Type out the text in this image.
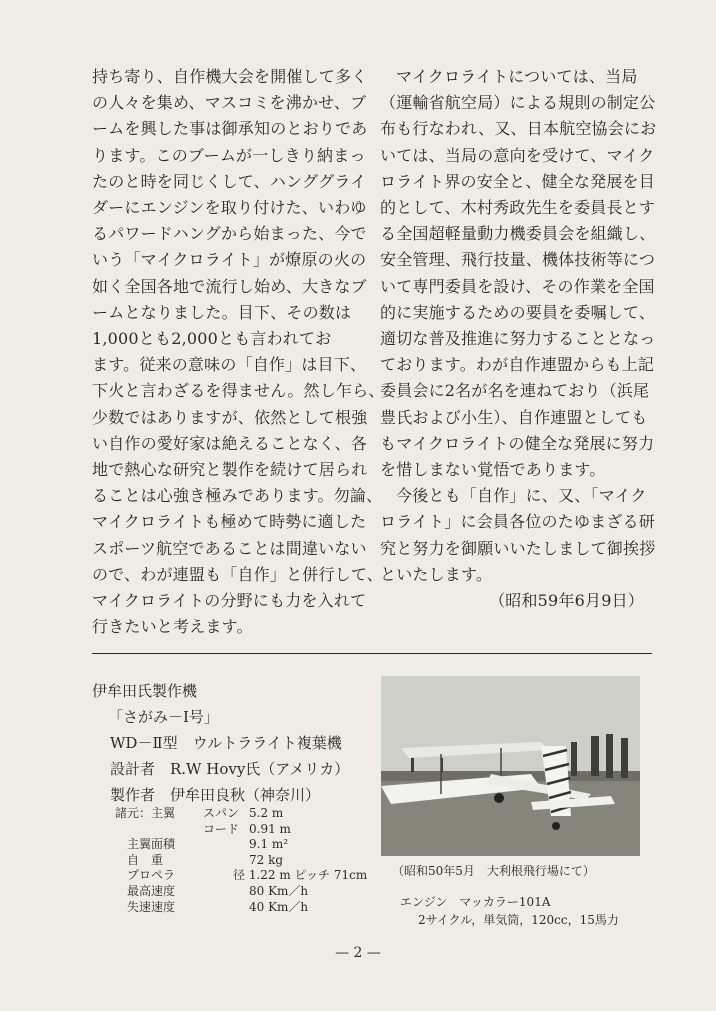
持ち寄り、自作機大会を開催して多く

の人々を集め、マスコミを沸かせ、ブ

ームを興した事は御承知のとおりであ

ります。このブームが一しきり納まっ

たのと時を同じくして、ハンググライ

ダーにエンジンを取り付けた、いわゆ

るパワードハングから始まった、今で

いう「マイクロライト」が燎原の火の

如く全国各地で流行し始め、大きなブ

ームとなりました。目下、その数は

1,000とも2,000とも言われてお

ます。従来の意味の「自作」は目下、

下火と言わざるを得ません。然し乍ら、

少数ではありますが、依然として根強

い自作の愛好家は絶えることなく、各

地で熱心な研究と製作を続けて居られ

ることは心強き極みであります。勿論、

マイクロライトも極めて時勢に適した

スポーツ航空であることは間違いない

ので、わが連盟も「自作」と併行して、

マイクロライトの分野にも力を入れて

行きたいと考えます。

マイクロライトについては、当局

（運輸省航空局）による規則の制定公

布も行なわれ、又、日本航空協会にお

いては、当局の意向を受けて、マイク

ロライト界の安全と、健全な発展を目

的として、木村秀政先生を委員長とす

る全国超軽量動力機委員会を組織し、

安全管理、飛行技量、機体技術等につ

いて専門委員を設け、その作業を全国

的に実施するための要員を委嘱して、

適切な普及推進に努力することとなっ

ております。わが自作連盟からも上記

委員会に2名が名を連ねており（浜尾

豊氏および小生）、自作連盟としても

もマイクロライトの健全な発展に努力

を惜しまない覚悟であります。

今後とも「自作」に、又、「マイク

ロライト」に会員各位のたゆまざる研

究と努力を御願いいたしまして御挨拶

といたします。

（昭和59年6月9日）

伊牟田氏製作機
「さがみ－Ⅰ号」
WD－Ⅱ型　ウルトラライト複葉機
設計者　R.W Hovy氏（アメリカ）
製作者　伊牟田良秋（神奈川）
諸元：主翼 スパン 5.2 m
コード 0.91 m
　主翼面積	9.1 m²
　自　重	72 kg
　プロペラ	径 1.22 m ピッチ 71cm
　最高速度	80 Km／h
　失速速度	40 Km／h
（昭和50年5月　大利根飛行場にて）
エンジン　マッカラー101A
2サイクル，単気筒，120cc，15馬力
— 2 —
